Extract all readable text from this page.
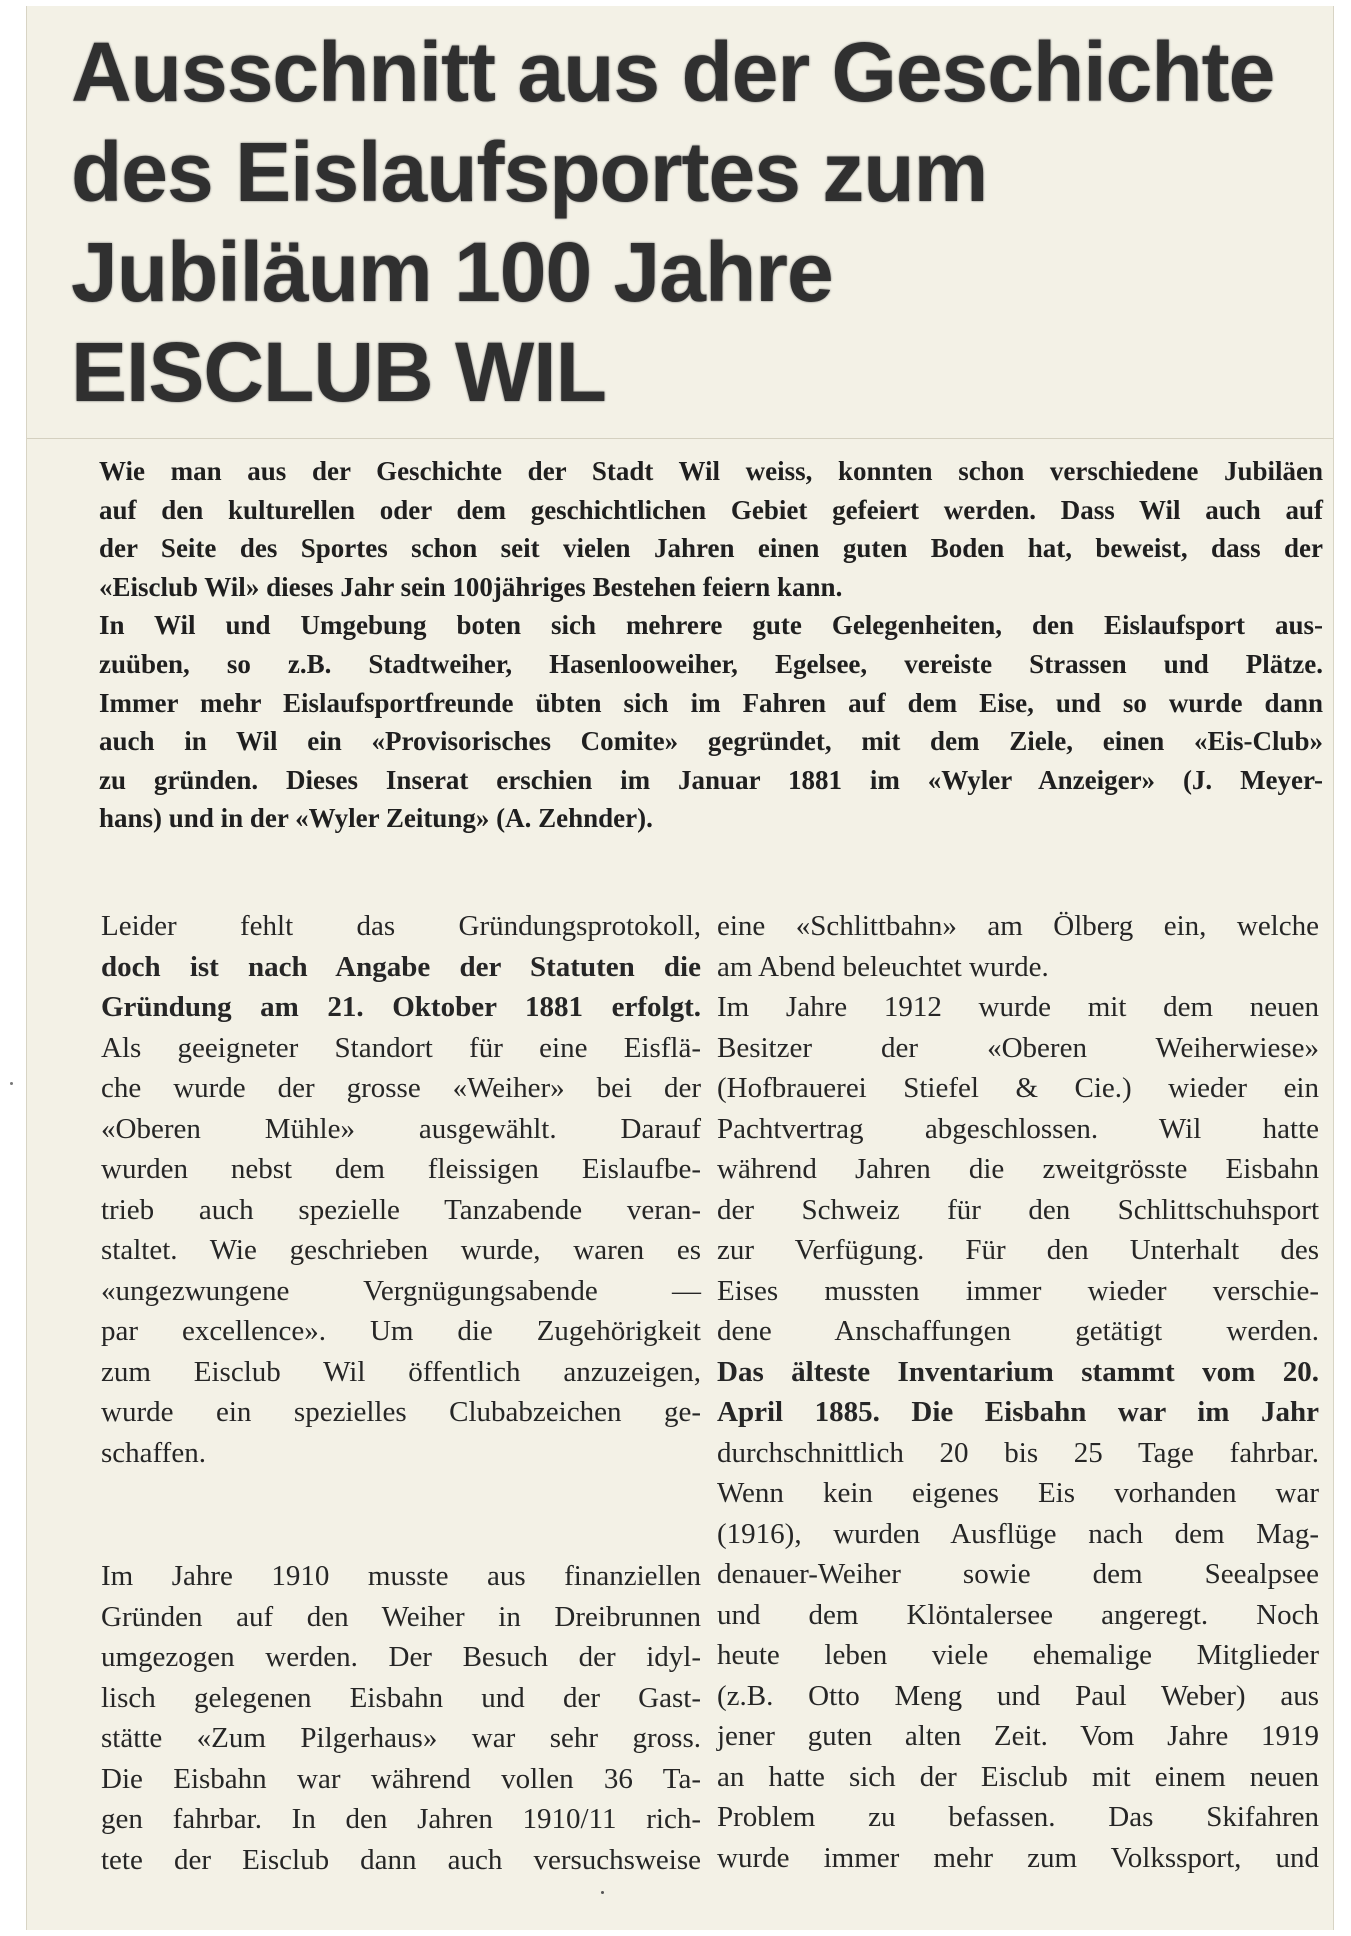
Ausschnitt aus der Geschichte
des Eislaufsportes zum
Jubiläum 100 Jahre
EISCLUB WIL
Wie man aus der Geschichte der Stadt Wil weiss, konnten schon verschiedene Jubiläen
auf den kulturellen oder dem geschichtlichen Gebiet gefeiert werden. Dass Wil auch auf
der Seite des Sportes schon seit vielen Jahren einen guten Boden hat, beweist, dass der
«Eisclub Wil» dieses Jahr sein 100jähriges Bestehen feiern kann.
In Wil und Umgebung boten sich mehrere gute Gelegenheiten, den Eislaufsport aus-
zuüben, so z.B. Stadtweiher, Hasenlooweiher, Egelsee, vereiste Strassen und Plätze.
Immer mehr Eislaufsportfreunde übten sich im Fahren auf dem Eise, und so wurde dann
auch in Wil ein «Provisorisches Comite» gegründet, mit dem Ziele, einen «Eis-Club»
zu gründen. Dieses Inserat erschien im Januar 1881 im «Wyler Anzeiger» (J. Meyer-
hans) und in der «Wyler Zeitung» (A. Zehnder).
Leider fehlt das Gründungsprotokoll,
doch ist nach Angabe der Statuten die
Gründung am 21. Oktober 1881 erfolgt.
Als geeigneter Standort für eine Eisflä-
che wurde der grosse «Weiher» bei der
«Oberen Mühle» ausgewählt. Darauf
wurden nebst dem fleissigen Eislaufbe-
trieb auch spezielle Tanzabende veran-
staltet. Wie geschrieben wurde, waren es
«ungezwungene Vergnügungsabende —
par excellence». Um die Zugehörigkeit
zum Eisclub Wil öffentlich anzuzeigen,
wurde ein spezielles Clubabzeichen ge-
schaffen.
Im Jahre 1910 musste aus finanziellen
Gründen auf den Weiher in Dreibrunnen
umgezogen werden. Der Besuch der idyl-
lisch gelegenen Eisbahn und der Gast-
stätte «Zum Pilgerhaus» war sehr gross.
Die Eisbahn war während vollen 36 Ta-
gen fahrbar. In den Jahren 1910/11 rich-
tete der Eisclub dann auch versuchsweise
eine «Schlittbahn» am Ölberg ein, welche
am Abend beleuchtet wurde.
Im Jahre 1912 wurde mit dem neuen
Besitzer der «Oberen Weiherwiese»
(Hofbrauerei Stiefel & Cie.) wieder ein
Pachtvertrag abgeschlossen. Wil hatte
während Jahren die zweitgrösste Eisbahn
der Schweiz für den Schlittschuhsport
zur Verfügung. Für den Unterhalt des
Eises mussten immer wieder verschie-
dene Anschaffungen getätigt werden.
Das älteste Inventarium stammt vom 20.
April 1885. Die Eisbahn war im Jahr
durchschnittlich 20 bis 25 Tage fahrbar.
Wenn kein eigenes Eis vorhanden war
(1916), wurden Ausflüge nach dem Mag-
denauer-Weiher sowie dem Seealpsee
und dem Klöntalersee angeregt. Noch
heute leben viele ehemalige Mitglieder
(z.B. Otto Meng und Paul Weber) aus
jener guten alten Zeit. Vom Jahre 1919
an hatte sich der Eisclub mit einem neuen
Problem zu befassen. Das Skifahren
wurde immer mehr zum Volkssport, und
